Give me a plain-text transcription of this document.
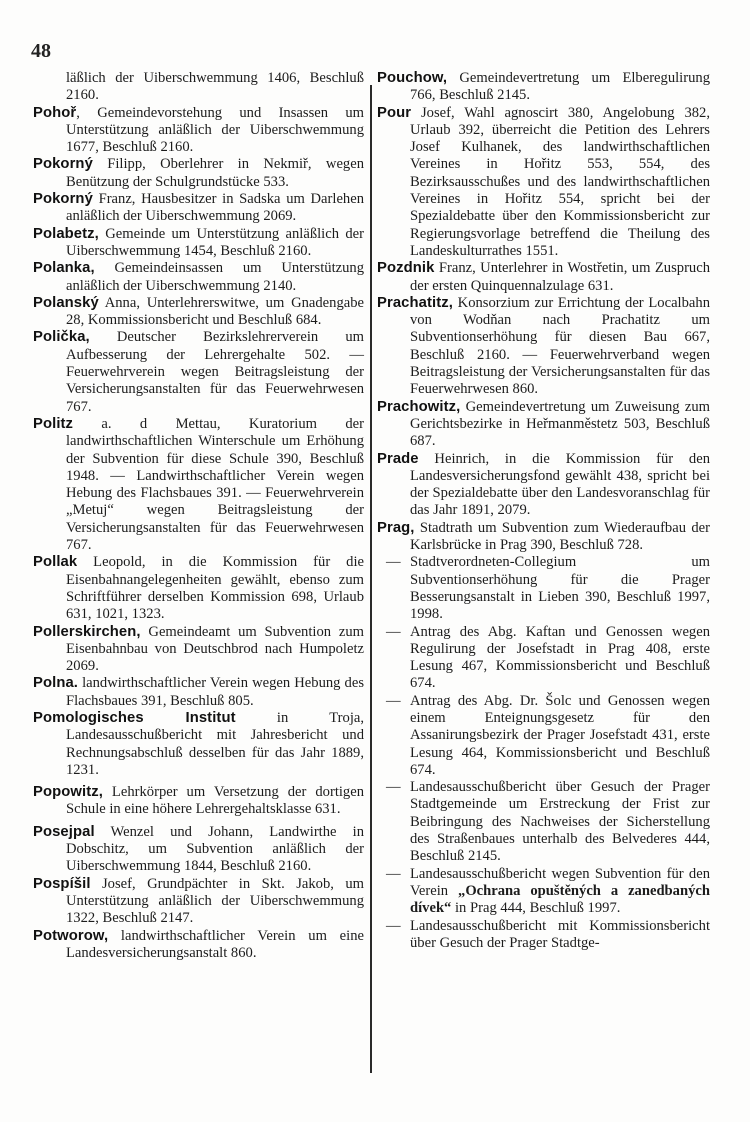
48

läßlich der Uiberschwemmung 1406, Beschluß 2160.

Pohoř, Gemeindevorstehung und Insassen um Unterstützung anläßlich der Uiberschwemmung 1677, Beschluß 2160.

Pokorný Filipp, Oberlehrer in Nekmiř, wegen Benützung der Schulgrundstücke 533.

Pokorný Franz, Hausbesitzer in Sadska um Darlehen anläßlich der Uiberschwemmung 2069.

Polabetz, Gemeinde um Unterstützung anläßlich der Uiberschwemmung 1454, Beschluß 2160.

Polanka, Gemeindeinsassen um Unterstützung anläßlich der Uiberschwemmung 2140.

Polanský Anna, Unterlehrerswitwe, um Gnadengabe 28, Kommissionsbericht und Beschluß 684.

Polička, Deutscher Bezirkslehrerverein um Aufbesserung der Lehrergehalte 502. — Feuerwehrverein wegen Beitragsleistung der Versicherungsanstalten für das Feuerwehrwesen 767.

Politz a. d Mettau, Kuratorium der landwirthschaftlichen Winterschule um Erhöhung der Subvention für diese Schule 390, Beschluß 1948. — Landwirthschaftlicher Verein wegen Hebung des Flachsbaues 391. — Feuerwehrverein „Metuj“ wegen Beitragsleistung der Versicherungsanstalten für das Feuerwehrwesen 767.

Pollak Leopold, in die Kommission für die Eisenbahnangelegenheiten gewählt, ebenso zum Schriftführer derselben Kommission 698, Urlaub 631, 1021, 1323.

Pollerskirchen, Gemeindeamt um Subvention zum Eisenbahnbau von Deutschbrod nach Humpoletz 2069.

Polna. landwirthschaftlicher Verein wegen Hebung des Flachsbaues 391, Beschluß 805.

Pomologisches Institut in Troja, Landesausschußbericht mit Jahresbericht und Rechnungsabschluß desselben für das Jahr 1889, 1231.

Popowitz, Lehrkörper um Versetzung der dortigen Schule in eine höhere Lehrergehaltsklasse 631.

Posejpal Wenzel und Johann, Landwirthe in Dobschitz, um Subvention anläßlich der Uiberschwemmung 1844, Beschluß 2160.

Pospíšil Josef, Grundpächter in Skt. Jakob, um Unterstützung anläßlich der Uiberschwemmung 1322, Beschluß 2147.

Potworow, landwirthschaftlicher Verein um eine Landesversicherungsanstalt 860.

Pouchow, Gemeindevertretung um Elberegulirung 766, Beschluß 2145.

Pour Josef, Wahl agnoscirt 380, Angelobung 382, Urlaub 392, überreicht die Petition des Lehrers Josef Kulhanek, des landwirthschaftlichen Vereines in Hořitz 553, 554, des Bezirksausschußes und des landwirthschaftlichen Vereines in Hořitz 554, spricht bei der Spezialdebatte über den Kommissionsbericht zur Regierungsvorlage betreffend die Theilung des Landeskulturrathes 1551.

Pozdnik Franz, Unterlehrer in Wostřetin, um Zuspruch der ersten Quinquennalzulage 631.

Prachatitz, Konsorzium zur Errichtung der Localbahn von Wodňan nach Prachatitz um Subventionserhöhung für diesen Bau 667, Beschluß 2160. — Feuerwehrverband wegen Beitragsleistung der Versicherungsanstalten für das Feuerwehrwesen 860.

Prachowitz, Gemeindevertretung um Zuweisung zum Gerichtsbezirke in Heřmanměstetz 503, Beschluß 687.

Prade Heinrich, in die Kommission für den Landesversicherungsfond gewählt 438, spricht bei der Spezialdebatte über den Landesvoranschlag für das Jahr 1891, 2079.

Prag, Stadtrath um Subvention zum Wiederaufbau der Karlsbrücke in Prag 390, Beschluß 728.

— Stadtverordneten-Collegium um Subventionserhöhung für die Prager Besserungsanstalt in Lieben 390, Beschluß 1997, 1998.

— Antrag des Abg. Kaftan und Genossen wegen Regulirung der Josefstadt in Prag 408, erste Lesung 467, Kommissionsbericht und Beschluß 674.

— Antrag des Abg. Dr. Šolc und Genossen wegen einem Enteignungsgesetz für den Assanirungsbezirk der Prager Josefstadt 431, erste Lesung 464, Kommissionsbericht und Beschluß 674.

— Landesausschußbericht über Gesuch der Prager Stadtgemeinde um Erstreckung der Frist zur Beibringung des Nachweises der Sicherstellung des Straßenbaues unterhalb des Belvederes 444, Beschluß 2145.

— Landesausschußbericht wegen Subvention für den Verein „Ochrana opuštěných a zanedbaných dívek“ in Prag 444, Beschluß 1997.

— Landesausschußbericht mit Kommissionsbericht über Gesuch der Prager Stadtge-
